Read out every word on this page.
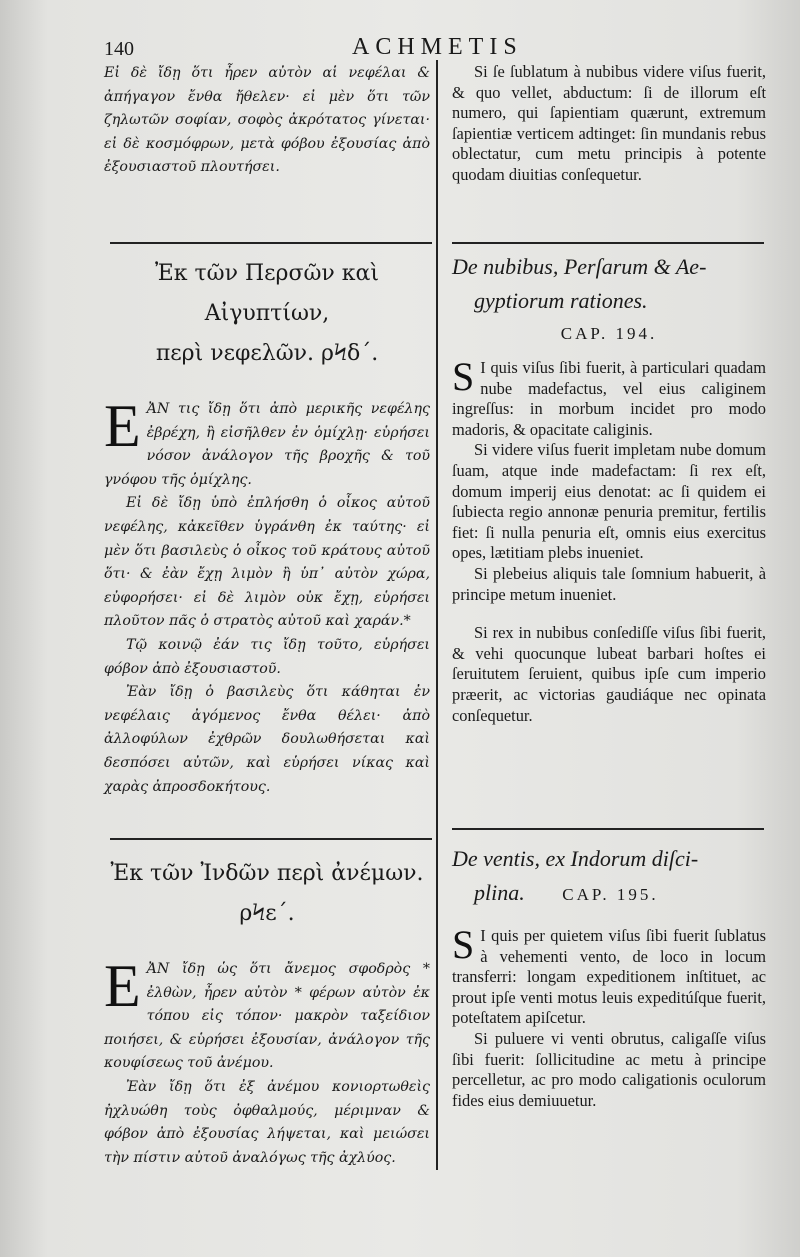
140	ACHMETIS

Εἰ δὲ ἴδῃ ὅτι ἦρεν αὐτὸν αἱ νεφέλαι & ἀπήγαγον ἔνθα ἤθελεν· εἰ μὲν ὅτι τῶν ζηλωτῶν σοφίαν, σοφὸς ἀκρότατος γίνεται· εἰ δὲ κοσμόφρων, μετὰ φόβου ἐξουσίας ἀπὸ ἐξουσιαστοῦ πλουτήσει.

Ἐκ τῶν Περσῶν καὶ Αἰγυπτίων,
περὶ νεφελῶν. ρϞδ´.

EἈΝ τις ἴδῃ ὅτι ἀπὸ μερικῆς νεφέλης ἐβρέχη, ἢ εἰσῆλθεν ἐν ὁμίχλῃ· εὑρήσει νόσον ἀνάλογον τῆς βροχῆς & τοῦ γνόφου τῆς ὁμίχλης.

Εἰ δὲ ἴδῃ ὑπὸ ἐπλήσθη ὁ οἶκος αὐτοῦ νεφέλης, κἀκεῖθεν ὑγράνθη ἐκ ταύτης· εἰ μὲν ὅτι βασιλεὺς ὁ οἶκος τοῦ κράτους αὐτοῦ ὅτι· & ἐὰν ἔχῃ λιμὸν ἢ ὑπ᾽ αὐτὸν χώρα, εὐφορήσει· εἰ δὲ λιμὸν οὐκ ἔχῃ, εὑρήσει πλοῦτον πᾶς ὁ στρατὸς αὐτοῦ καὶ χαράν.*

Τῷ κοινῷ ἐάν τις ἴδῃ τοῦτο, εὑρήσει φόβον ἀπὸ ἐξουσιαστοῦ.

Ἐὰν ἴδῃ ὁ βασιλεὺς ὅτι κάθηται ἐν νεφέλαις ἀγόμενος ἔνθα θέλει· ἀπὸ ἀλλοφύλων ἐχθρῶν δουλωθήσεται καὶ δεσπόσει αὐτῶν, καὶ εὑρήσει νίκας καὶ χαρὰς ἀπροσδοκήτους.

Ἐκ τῶν Ἰνδῶν περὶ ἀνέμων. ρϞε´.

EἈΝ ἴδῃ ὡς ὅτι ἄνεμος σφοδρὸς * ἐλθὼν, ἦρεν αὐτὸν * φέρων αὐτὸν ἐκ τόπου εἰς τόπον· μακρὸν ταξείδιον ποιήσει, & εὑρήσει ἐξουσίαν, ἀνάλογον τῆς κουφίσεως τοῦ ἀνέμου.

Ἐὰν ἴδῃ ὅτι ἐξ ἀνέμου κονιορτωθεὶς ἠχλυώθη τοὺς ὀφθαλμούς, μέριμναν & φόβον ἀπὸ ἐξουσίας λήψεται, καὶ μειώσει τὴν πίστιν αὐτοῦ ἀναλόγως τῆς ἀχλύος.

Si ſe ſublatum à nubibus videre viſus fuerit, & quo vellet, abductum: ſi de illorum eſt numero, qui ſapientiam quærunt, extremum ſapientiæ verticem adtinget: ſin mundanis rebus oblectatur, cum metu principis à potente quodam diuitias conſequetur.

De nubibus, Perſarum & Ae-
gyptiorum rationes.
CAP. 194.

S I quis viſus ſibi fuerit, à particulari quadam nube madefactus, vel eius caliginem ingreſſus: in morbum incidet pro modo madoris, & opacitate caliginis.

Si videre viſus fuerit impletam nube domum ſuam, atque inde madefactam: ſi rex eſt, domum imperij eius denotat: ac ſi quidem ei ſubiecta regio annonæ penuria premitur, fertilis fiet: ſi nulla penuria eſt, omnis eius exercitus opes, lætitiam plebs inueniet.

Si plebeius aliquis tale ſomnium habuerit, à principe metum inueniet.

Si rex in nubibus conſediſſe viſus ſibi fuerit, & vehi quocunque lubeat barbari hoſtes ei ſeruitutem ſeruient, quibus ipſe cum imperio præerit, ac victorias gaudiáque nec opinata conſequetur.

De ventis, ex Indorum diſci-
plina. CAP. 195.

S I quis per quietem viſus ſibi fuerit ſublatus à vehementi vento, de loco in locum transferri: longam expeditionem inſtituet, ac prout ipſe venti motus leuis expeditúſque fuerit, poteſtatem apiſcetur.

Si puluere vi venti obrutus, caligaſſe viſus ſibi fuerit: ſollicitudine ac metu à principe percelletur, ac pro modo caligationis oculorum fides eius demiuuetur.
